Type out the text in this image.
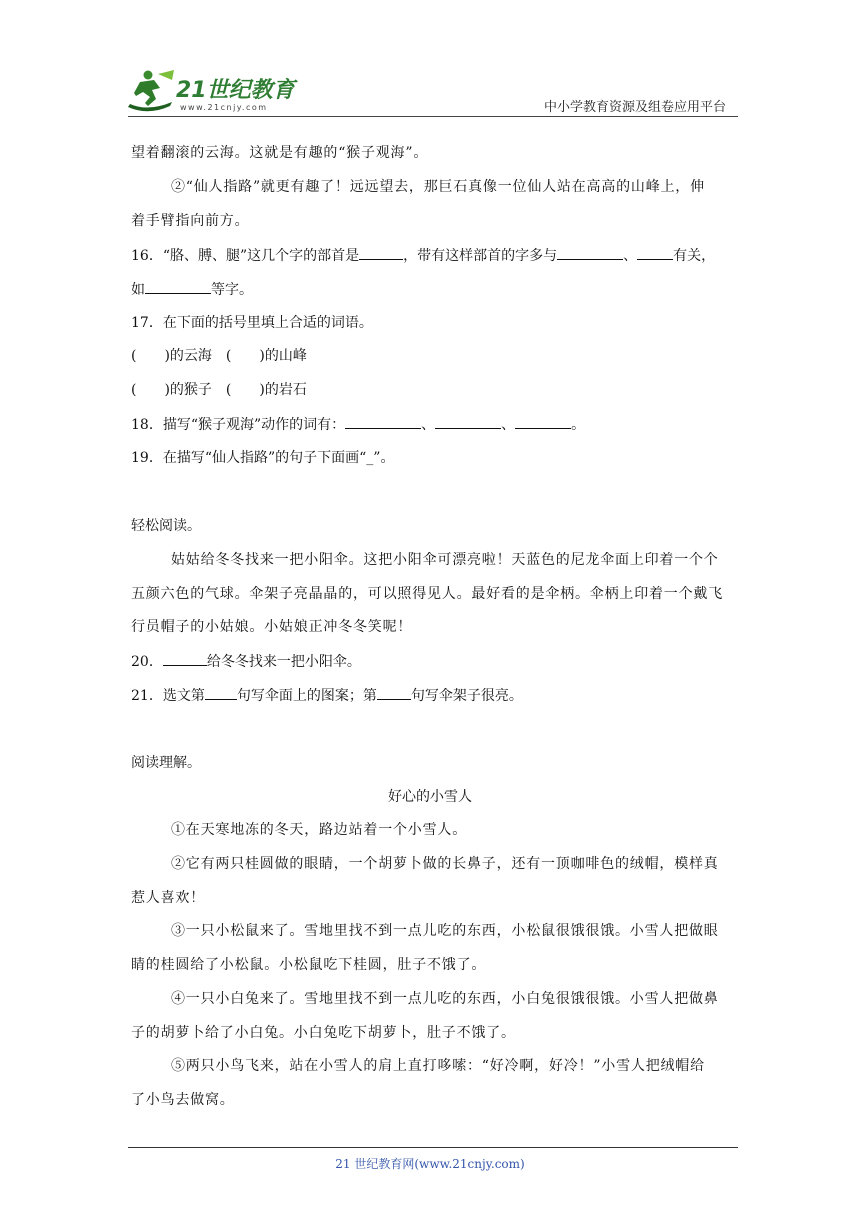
21世纪教育
www.21cnjy.com	中小学教育资源及组卷应用平台
望着翻滚的云海。这就是有趣的“猴子观海”。
②“仙人指路”就更有趣了！远远望去，那巨石真像一位仙人站在高高的山峰上，伸
着手臂指向前方。
16．“胳、膊、腿”这几个字的部首是	，带有这样部首的字多与	、	有关，
如	等字。
17．在下面的括号里填上合适的词语。
(　　)的云海　(　　)的山峰
(　　)的猴子　(　　)的岩石
18．描写“猴子观海”动作的词有：	、	、	。
19．在描写“仙人指路”的句子下面画“_”。
轻松阅读。
姑姑给冬冬找来一把小阳伞。这把小阳伞可漂亮啦！天蓝色的尼龙伞面上印着一个个
五颜六色的气球。伞架子亮晶晶的，可以照得见人。最好看的是伞柄。伞柄上印着一个戴飞
行员帽子的小姑娘。小姑娘正冲冬冬笑呢！
20．	给冬冬找来一把小阳伞。
21．选文第 句写伞面上的图案；第 句写伞架子很亮。
阅读理解。
好心的小雪人
①在天寒地冻的冬天，路边站着一个小雪人。
②它有两只桂圆做的眼睛，一个胡萝卜做的长鼻子，还有一顶咖啡色的绒帽，模样真
惹人喜欢！
③一只小松鼠来了。雪地里找不到一点儿吃的东西，小松鼠很饿很饿。小雪人把做眼
睛的桂圆给了小松鼠。小松鼠吃下桂圆，肚子不饿了。
④一只小白兔来了。雪地里找不到一点儿吃的东西，小白兔很饿很饿。小雪人把做鼻
子的胡萝卜给了小白兔。小白兔吃下胡萝卜，肚子不饿了。
⑤两只小鸟飞来，站在小雪人的肩上直打哆嗦：“好冷啊，好冷！”小雪人把绒帽给
了小鸟去做窝。
21 世纪教育网(www.21cnjy.com)
